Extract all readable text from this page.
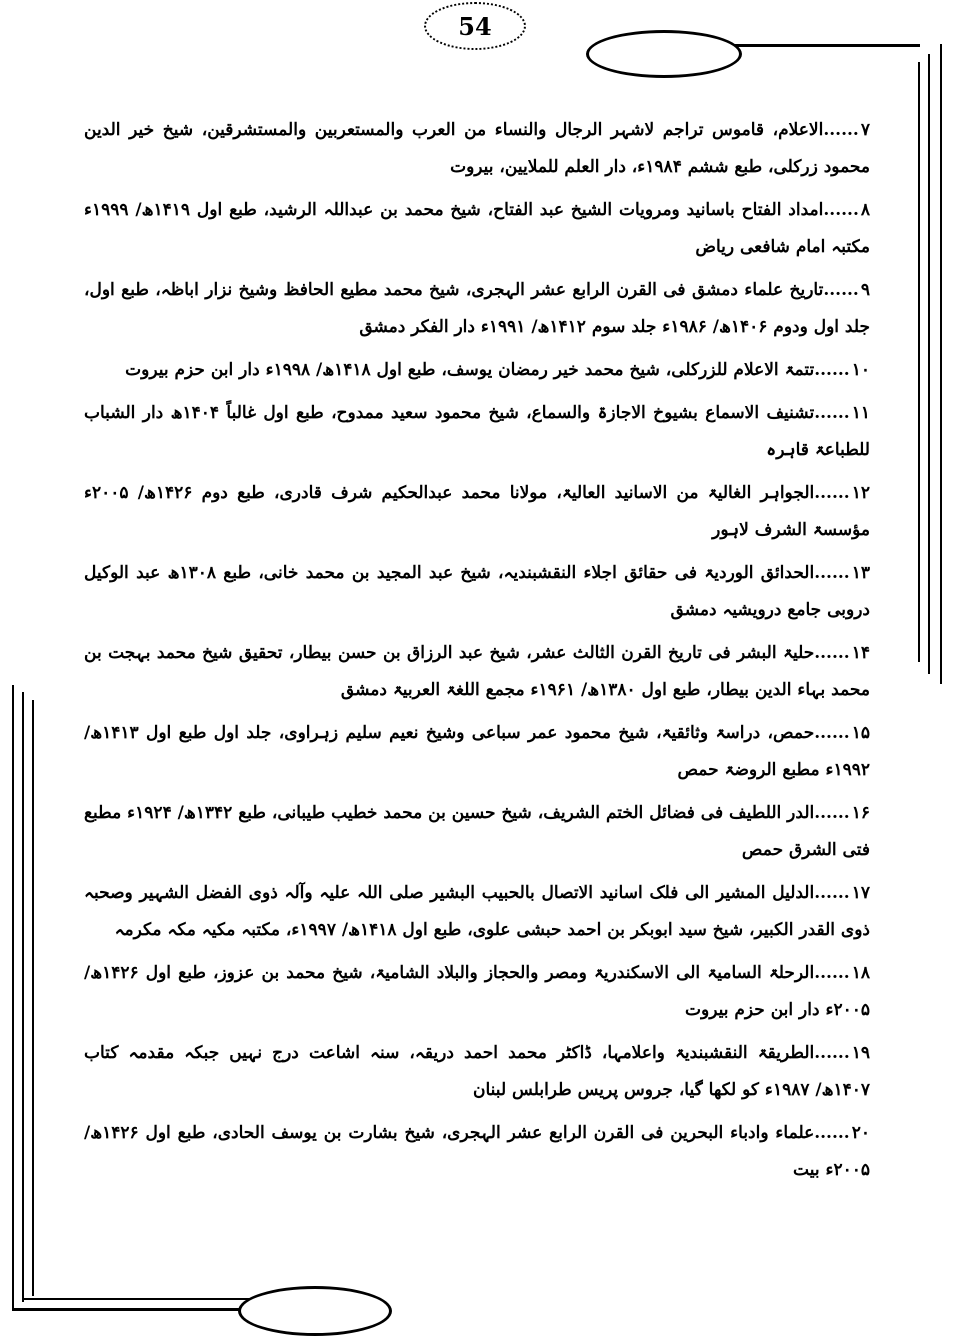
54
۷......الاعلام، قاموس تراجم لاشہر الرجال والنساء من العرب والمستعربین والمستشرقین، شیخ خیر الدین محمود زرکلی، طبع ششم ۱۹۸۴ء، دار العلم للملایین، بیروت
۸......امداد الفتاح باسانید ومرویات الشیخ عبد الفتاح، شیخ محمد بن عبداللہ الرشید، طبع اول ۱۴۱۹ھ/ ۱۹۹۹ء مکتبہ امام شافعی ریاض
۹......تاریخ علماء دمشق فی القرن الرابع عشر الہجری، شیخ محمد مطیع الحافظ وشیخ نزار اباظہ، طبع اول، جلد اول ودوم ۱۴۰۶ھ/ ۱۹۸۶ء جلد سوم ۱۴۱۲ھ/ ۱۹۹۱ء دار الفکر دمشق
۱۰......تتمۃ الاعلام للزرکلی، شیخ محمد خیر رمضان یوسف، طبع اول ۱۴۱۸ھ/ ۱۹۹۸ء دار ابن حزم بیروت
۱۱......تشنیف الاسماع بشیوخ الاجازۃ والسماع، شیخ محمود سعید ممدوح، طبع اول غالباً ۱۴۰۴ھ دار الشباب للطباعۃ قاہرہ
۱۲......الجواہر الغالیۃ من الاسانید العالیۃ، مولانا محمد عبدالحکیم شرف قادری، طبع دوم ۱۴۲۶ھ/ ۲۰۰۵ء مؤسسۃ الشرف لاہور
۱۳......الحدائق الوردیۃ فی حقائق اجلاء النقشبندیہ، شیخ عبد المجید بن محمد خانی، طبع ۱۳۰۸ھ عبد الوکیل دروبی جامع درویشیہ دمشق
۱۴......حلیۃ البشر فی تاریخ القرن الثالث عشر، شیخ عبد الرزاق بن حسن بیطار، تحقیق شیخ محمد بہجت بن محمد بہاء الدین بیطار، طبع اول ۱۳۸۰ھ/ ۱۹۶۱ء مجمع اللغۃ العربیۃ دمشق
۱۵......حمص، دراسۃ وثائقیۃ، شیخ محمود عمر سباعی وشیخ نعیم سلیم زہراوی، جلد اول طبع اول ۱۴۱۳ھ/ ۱۹۹۲ء مطبع الروضۃ حمص
۱۶......الدر اللطیف فی فضائل الختم الشریف، شیخ حسین بن محمد خطیب طیبانی، طبع ۱۳۴۲ھ/ ۱۹۲۴ء مطبع فتی الشرق حمص
۱۷......الدلیل المشیر الی فلک اسانید الاتصال بالحبیب البشیر صلی اللہ علیہ وآلہ ذوی الفضل الشہیر وصحبہ ذوی القدر الکبیر، شیخ سید ابوبکر بن احمد حبشی علوی، طبع اول ۱۴۱۸ھ/ ۱۹۹۷ء، مکتبہ مکیہ مکہ مکرمہ
۱۸......الرحلۃ السامیۃ الی الاسکندریۃ ومصر والحجاز والبلاد الشامیۃ، شیخ محمد بن عزوز، طبع اول ۱۴۲۶ھ/ ۲۰۰۵ء دار ابن حزم بیروت
۱۹......الطریقۃ النقشبندیۃ واعلامہا، ڈاکٹر محمد احمد دریقہ، سنہ اشاعت درج نہیں جبکہ مقدمہ کتاب ۱۴۰۷ھ/ ۱۹۸۷ء کو لکھا گیا، جروس پریس طرابلس لبنان
۲۰......علماء وادباء البحرین فی القرن الرابع عشر الہجری، شیخ بشارت بن یوسف الحادی، طبع اول ۱۴۲۶ھ/ ۲۰۰۵ء بیت
